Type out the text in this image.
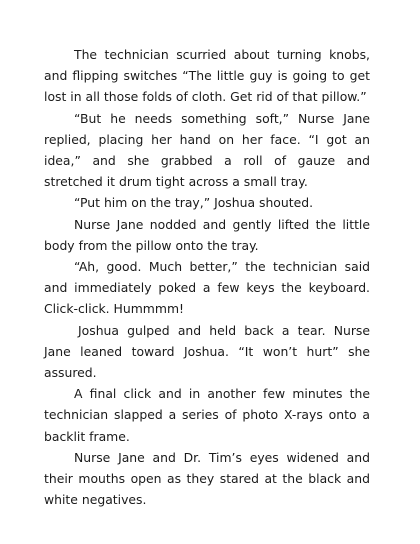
The technician scurried about turning knobs, and flipping switches “The little guy is going to get lost in all those folds of cloth. Get rid of that pillow.”

“But he needs something soft,” Nurse Jane replied, placing her hand on her face. “I got an idea,” and she grabbed a roll of gauze and stretched it drum tight across a small tray.

“Put him on the tray,” Joshua shouted.

Nurse Jane nodded and gently lifted the little body from the pillow onto the tray.

“Ah, good. Much better,” the technician said and immediately poked a few keys the keyboard. Click-click. Hummmm!

Joshua gulped and held back a tear. Nurse Jane leaned toward Joshua. “It won’t hurt” she assured.

A final click and in another few minutes the technician slapped a series of photo X-rays onto a backlit frame.

Nurse Jane and Dr. Tim’s eyes widened and their mouths open as they stared at the black and white negatives.
